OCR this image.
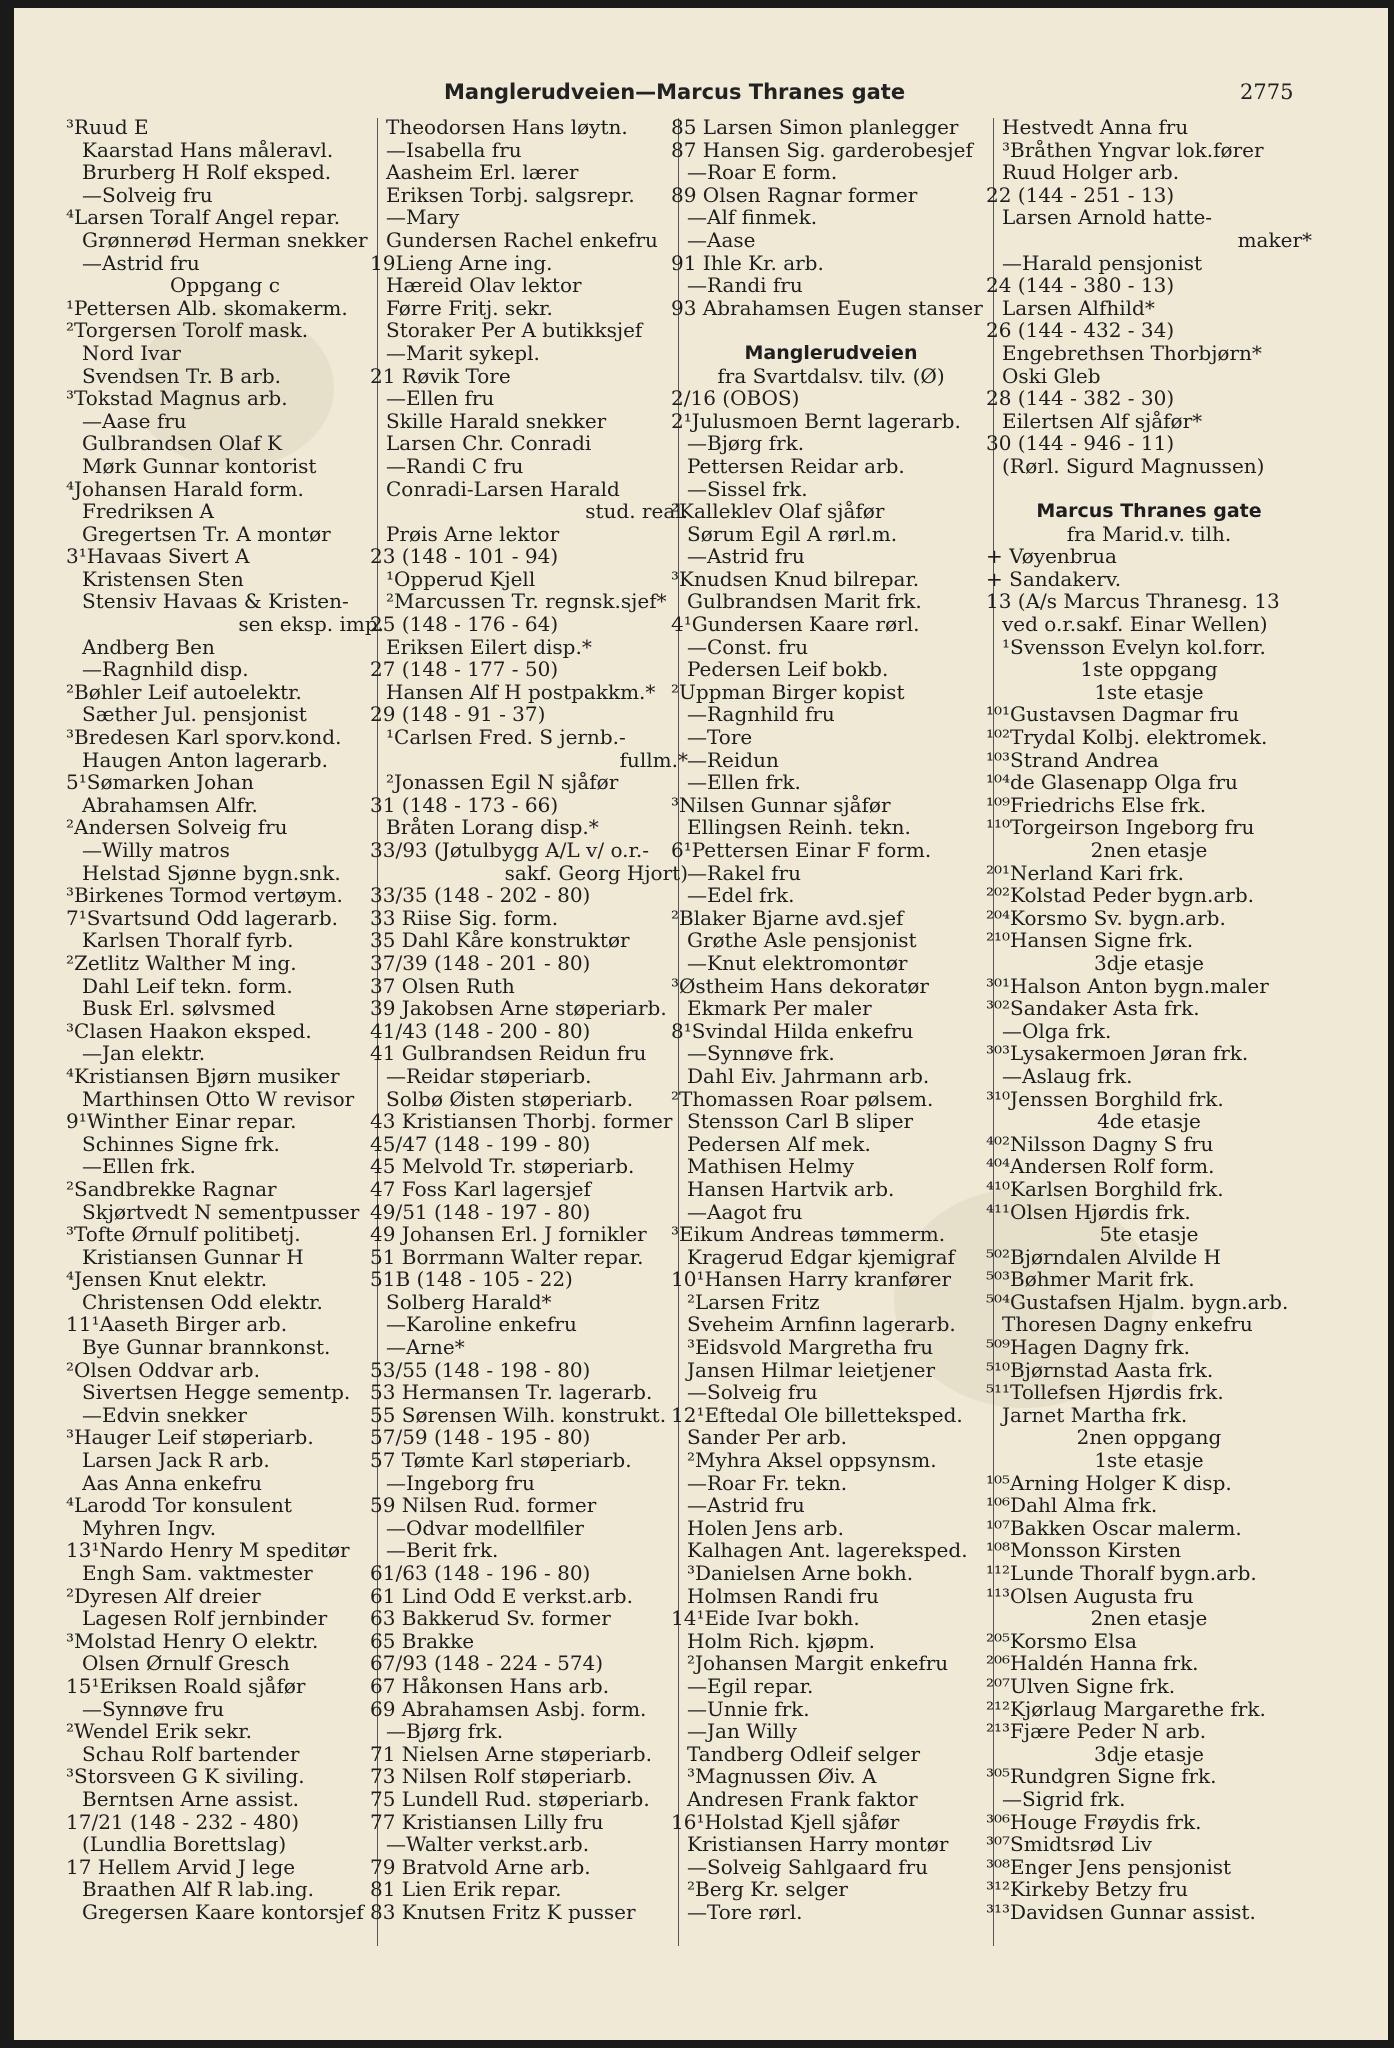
Manglerudveien—Marcus Thranes gate	2775
³Ruud E
Kaarstad Hans måleravl.
Brurberg H Rolf eksped.
—Solveig fru
⁴Larsen Toralf Angel repar.
Grønnerød Herman snekker
—Astrid fru
Oppgang c
¹Pettersen Alb. skomakerm.
²Torgersen Torolf mask.
Nord Ivar
Svendsen Tr. B arb.
³Tokstad Magnus arb.
—Aase fru
Gulbrandsen Olaf K
Mørk Gunnar kontorist
⁴Johansen Harald form.
Fredriksen A
Gregertsen Tr. A montør
3¹Havaas Sivert A
Kristensen Sten
Stensiv Havaas & Kristen-
sen eksp. imp.
Andberg Ben
—Ragnhild disp.
²Bøhler Leif autoelektr.
Sæther Jul. pensjonist
³Bredesen Karl sporv.kond.
Haugen Anton lagerarb.
5¹Sømarken Johan
Abrahamsen Alfr.
²Andersen Solveig fru
—Willy matros
Helstad Sjønne bygn.snk.
³Birkenes Tormod vertøym.
7¹Svartsund Odd lagerarb.
Karlsen Thoralf fyrb.
²Zetlitz Walther M ing.
Dahl Leif tekn. form.
Busk Erl. sølvsmed
³Clasen Haakon eksped.
—Jan elektr.
⁴Kristiansen Bjørn musiker
Marthinsen Otto W revisor
9¹Winther Einar repar.
Schinnes Signe frk.
—Ellen frk.
²Sandbrekke Ragnar
Skjørtvedt N sementpusser
³Tofte Ørnulf politibetj.
Kristiansen Gunnar H
⁴Jensen Knut elektr.
Christensen Odd elektr.
11¹Aaseth Birger arb.
Bye Gunnar brannkonst.
²Olsen Oddvar arb.
Sivertsen Hegge sementp.
—Edvin snekker
³Hauger Leif støperiarb.
Larsen Jack R arb.
Aas Anna enkefru
⁴Larodd Tor konsulent
Myhren Ingv.
13¹Nardo Henry M speditør
Engh Sam. vaktmester
²Dyresen Alf dreier
Lagesen Rolf jernbinder
³Molstad Henry O elektr.
Olsen Ørnulf Gresch
15¹Eriksen Roald sjåfør
—Synnøve fru
²Wendel Erik sekr.
Schau Rolf bartender
³Storsveen G K siviling.
Berntsen Arne assist.
17/21 (148 - 232 - 480)
(Lundlia Borettslag)
17 Hellem Arvid J lege
Braathen Alf R lab.ing.
Gregersen Kaare kontorsjef
Theodorsen Hans løytn.
—Isabella fru
Aasheim Erl. lærer
Eriksen Torbj. salgsrepr.
—Mary
Gundersen Rachel enkefru
19Lieng Arne ing.
Hæreid Olav lektor
Førre Fritj. sekr.
Storaker Per A butikksjef
—Marit sykepl.
21 Røvik Tore
—Ellen fru
Skille Harald snekker
Larsen Chr. Conradi
—Randi C fru
Conradi-Larsen Harald
stud. real.
Prøis Arne lektor
23 (148 - 101 - 94)
¹Opperud Kjell
²Marcussen Tr. regnsk.sjef*
25 (148 - 176 - 64)
Eriksen Eilert disp.*
27 (148 - 177 - 50)
Hansen Alf H postpakkm.*
29 (148 - 91 - 37)
¹Carlsen Fred. S jernb.-
fullm.*
²Jonassen Egil N sjåfør
31 (148 - 173 - 66)
Bråten Lorang disp.*
33/93 (Jøtulbygg A/L v/ o.r.-
sakf. Georg Hjort)
33/35 (148 - 202 - 80)
33 Riise Sig. form.
35 Dahl Kåre konstruktør
37/39 (148 - 201 - 80)
37 Olsen Ruth
39 Jakobsen Arne støperiarb.
41/43 (148 - 200 - 80)
41 Gulbrandsen Reidun fru
—Reidar støperiarb.
Solbø Øisten støperiarb.
43 Kristiansen Thorbj. former
45/47 (148 - 199 - 80)
45 Melvold Tr. støperiarb.
47 Foss Karl lagersjef
49/51 (148 - 197 - 80)
49 Johansen Erl. J fornikler
51 Borrmann Walter repar.
51B (148 - 105 - 22)
Solberg Harald*
—Karoline enkefru
—Arne*
53/55 (148 - 198 - 80)
53 Hermansen Tr. lagerarb.
55 Sørensen Wilh. konstrukt.
57/59 (148 - 195 - 80)
57 Tømte Karl støperiarb.
—Ingeborg fru
59 Nilsen Rud. former
—Odvar modellfiler
—Berit frk.
61/63 (148 - 196 - 80)
61 Lind Odd E verkst.arb.
63 Bakkerud Sv. former
65 Brakke
67/93 (148 - 224 - 574)
67 Håkonsen Hans arb.
69 Abrahamsen Asbj. form.
—Bjørg frk.
71 Nielsen Arne støperiarb.
73 Nilsen Rolf støperiarb.
75 Lundell Rud. støperiarb.
77 Kristiansen Lilly fru
—Walter verkst.arb.
79 Bratvold Arne arb.
81 Lien Erik repar.
83 Knutsen Fritz K pusser
85 Larsen Simon planlegger
87 Hansen Sig. garderobesjef
—Roar E form.
89 Olsen Ragnar former
—Alf finmek.
—Aase
91 Ihle Kr. arb.
—Randi fru
93 Abrahamsen Eugen stanser
Manglerudveien
fra Svartdalsv. tilv. (Ø)
2/16 (OBOS)
2¹Julusmoen Bernt lagerarb.
—Bjørg frk.
Pettersen Reidar arb.
—Sissel frk.
²Kalleklev Olaf sjåfør
Sørum Egil A rørl.m.
—Astrid fru
³Knudsen Knud bilrepar.
Gulbrandsen Marit frk.
4¹Gundersen Kaare rørl.
—Const. fru
Pedersen Leif bokb.
²Uppman Birger kopist
—Ragnhild fru
—Tore
—Reidun
—Ellen frk.
³Nilsen Gunnar sjåfør
Ellingsen Reinh. tekn.
6¹Pettersen Einar F form.
—Rakel fru
—Edel frk.
²Blaker Bjarne avd.sjef
Grøthe Asle pensjonist
—Knut elektromontør
³Østheim Hans dekoratør
Ekmark Per maler
8¹Svindal Hilda enkefru
—Synnøve frk.
Dahl Eiv. Jahrmann arb.
²Thomassen Roar pølsem.
Stensson Carl B sliper
Pedersen Alf mek.
Mathisen Helmy
Hansen Hartvik arb.
—Aagot fru
³Eikum Andreas tømmerm.
Kragerud Edgar kjemigraf
10¹Hansen Harry kranfører
²Larsen Fritz
Sveheim Arnfinn lagerarb.
³Eidsvold Margretha fru
Jansen Hilmar leietjener
—Solveig fru
12¹Eftedal Ole billetteksped.
Sander Per arb.
²Myhra Aksel oppsynsm.
—Roar Fr. tekn.
—Astrid fru
Holen Jens arb.
Kalhagen Ant. lagereksped.
³Danielsen Arne bokh.
Holmsen Randi fru
14¹Eide Ivar bokh.
Holm Rich. kjøpm.
²Johansen Margit enkefru
—Egil repar.
—Unnie frk.
—Jan Willy
Tandberg Odleif selger
³Magnussen Øiv. A
Andresen Frank faktor
16¹Holstad Kjell sjåfør
Kristiansen Harry montør
—Solveig Sahlgaard fru
²Berg Kr. selger
—Tore rørl.
Hestvedt Anna fru
³Bråthen Yngvar lok.fører
Ruud Holger arb.
22 (144 - 251 - 13)
Larsen Arnold hatte-
maker*
—Harald pensjonist
24 (144 - 380 - 13)
Larsen Alfhild*
26 (144 - 432 - 34)
Engebrethsen Thorbjørn*
Oski Gleb
28 (144 - 382 - 30)
Eilertsen Alf sjåfør*
30 (144 - 946 - 11)
(Rørl. Sigurd Magnussen)
Marcus Thranes gate
fra Marid.v. tilh.
+ Vøyenbrua
+ Sandakerv.
13 (A/s Marcus Thranesg. 13
ved o.r.sakf. Einar Wellen)
¹Svensson Evelyn kol.forr.
1ste oppgang
1ste etasje
¹⁰¹Gustavsen Dagmar fru
¹⁰²Trydal Kolbj. elektromek.
¹⁰³Strand Andrea
¹⁰⁴de Glasenapp Olga fru
¹⁰⁹Friedrichs Else frk.
¹¹⁰Torgeirson Ingeborg fru
2nen etasje
²⁰¹Nerland Kari frk.
²⁰²Kolstad Peder bygn.arb.
²⁰⁴Korsmo Sv. bygn.arb.
²¹⁰Hansen Signe frk.
3dje etasje
³⁰¹Halson Anton bygn.maler
³⁰²Sandaker Asta frk.
—Olga frk.
³⁰³Lysakermoen Jøran frk.
—Aslaug frk.
³¹⁰Jenssen Borghild frk.
4de etasje
⁴⁰²Nilsson Dagny S fru
⁴⁰⁴Andersen Rolf form.
⁴¹⁰Karlsen Borghild frk.
⁴¹¹Olsen Hjørdis frk.
5te etasje
⁵⁰²Bjørndalen Alvilde H
⁵⁰³Bøhmer Marit frk.
⁵⁰⁴Gustafsen Hjalm. bygn.arb.
Thoresen Dagny enkefru
⁵⁰⁹Hagen Dagny frk.
⁵¹⁰Bjørnstad Aasta frk.
⁵¹¹Tollefsen Hjørdis frk.
Jarnet Martha frk.
2nen oppgang
1ste etasje
¹⁰⁵Arning Holger K disp.
¹⁰⁶Dahl Alma frk.
¹⁰⁷Bakken Oscar malerm.
¹⁰⁸Monsson Kirsten
¹¹²Lunde Thoralf bygn.arb.
¹¹³Olsen Augusta fru
2nen etasje
²⁰⁵Korsmo Elsa
²⁰⁶Haldén Hanna frk.
²⁰⁷Ulven Signe frk.
²¹²Kjørlaug Margarethe frk.
²¹³Fjære Peder N arb.
3dje etasje
³⁰⁵Rundgren Signe frk.
—Sigrid frk.
³⁰⁶Houge Frøydis frk.
³⁰⁷Smidtsrød Liv
³⁰⁸Enger Jens pensjonist
³¹²Kirkeby Betzy fru
³¹³Davidsen Gunnar assist.
